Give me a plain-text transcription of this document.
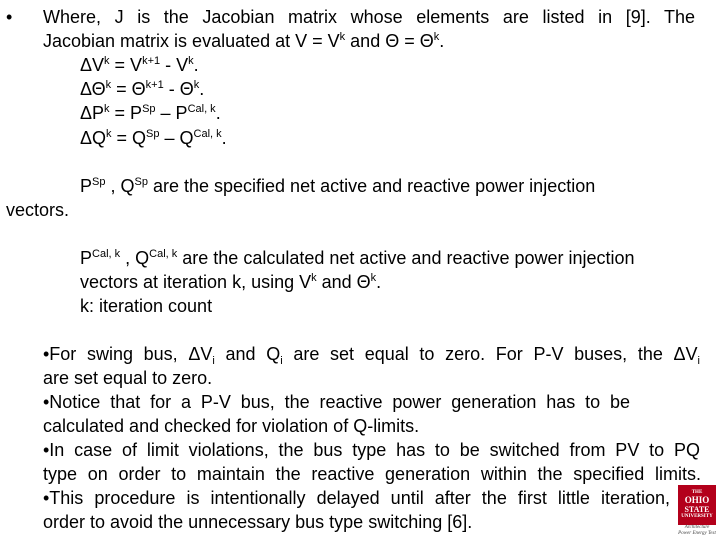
• Where, J is the Jacobian matrix whose elements are listed in [9]. The
Jacobian matrix is evaluated at $V = V^k$ and $\Theta = \Theta^k$.
$\Delta V^k = V^{k+1} - V^k$.
$\Delta\Theta^k = \Theta^{k+1} - \Theta^k$.
$\Delta P^k = P^{Sp} - P^{Cal, k}$.
$\Delta Q^k = Q^{Sp} - Q^{Cal, k}$.
$P^{Sp}$ , $Q^{Sp}$ are the specified net active and reactive power injection
vectors.
$P^{Cal, k}$ , $Q^{Cal, k}$ are the calculated net active and reactive power injection
vectors at iteration k, using $V^k$ and $\Theta^k$.
k: iteration count
•For swing bus, $\Delta V_i$ and $Q_i$ are set equal to zero. For P-V buses, the $\Delta V_i$
are set equal to zero.
•Notice that for a P-V bus, the reactive power generation has to be
calculated and checked for violation of Q-limits.
•In case of limit violations, the bus type has to be switched from PV to PQ
type on order to maintain the reactive generation within the specified limits.
•This procedure is intentionally delayed until after the first little iteration,
order to avoid the unnecessary bus type switching [6].
THE
OHIO
STATE
UNIVERSITY
Architecture Power Energy Test
